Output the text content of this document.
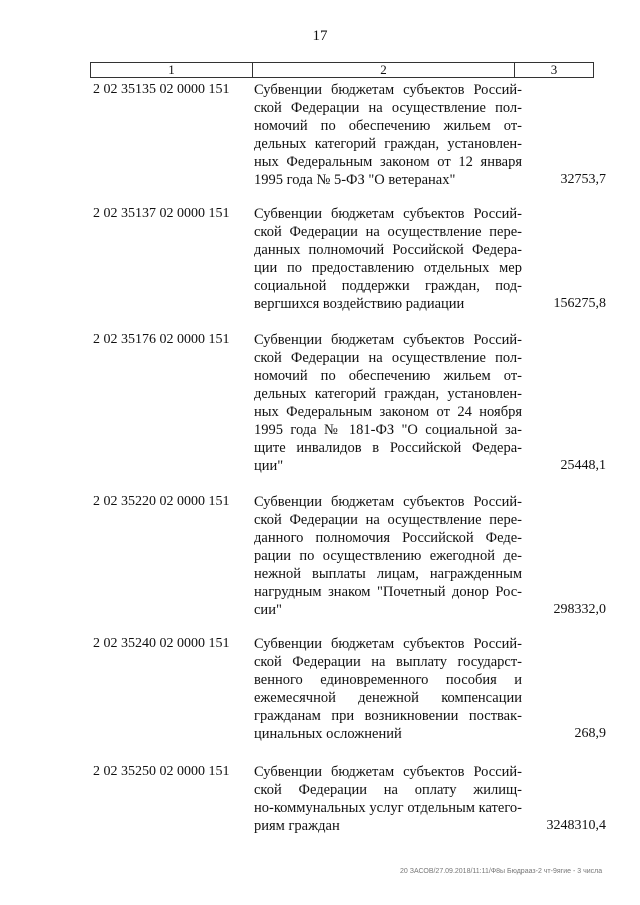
17
1	2	3
2 02 35135 02 0000 151 Субвенции бюджетам субъектов Россий-
ской Федерации на осуществление пол-
номочий по обеспечению жильем от-
дельных категорий граждан, установлен-
ных Федеральным законом от 12 января
1995 года № 5-ФЗ "О ветеранах"	32753,7
2 02 35137 02 0000 151 Субвенции бюджетам субъектов Россий-
ской Федерации на осуществление пере-
данных полномочий Российской Федера-
ции по предоставлению отдельных мер
социальной поддержки граждан, под-
вергшихся воздействию радиации	156275,8
2 02 35176 02 0000 151 Субвенции бюджетам субъектов Россий-
ской Федерации на осуществление пол-
номочий по обеспечению жильем от-
дельных категорий граждан, установлен-
ных Федеральным законом от 24 ноября
1995 года № 181-ФЗ "О социальной за-
щите инвалидов в Российской Федера-
ции"	25448,1
2 02 35220 02 0000 151 Субвенции бюджетам субъектов Россий-
ской Федерации на осуществление пере-
данного полномочия Российской Феде-
рации по осуществлению ежегодной де-
нежной выплаты лицам, награжденным
нагрудным знаком "Почетный донор Рос-
сии"	298332,0
2 02 35240 02 0000 151 Субвенции бюджетам субъектов Россий-
ской Федерации на выплату государст-
венного единовременного пособия и
ежемесячной денежной компенсации
гражданам при возникновении поствак-
цинальных осложнений	268,9
2 02 35250 02 0000 151 Субвенции бюджетам субъектов Россий-
ской Федерации на оплату жилищ-
но-коммунальных услуг отдельным катего-
риям граждан	3248310,4
20 ЗАСОВ/27.09.2018/11:11/Ф8ы Бюдрааз-2 чт-9ягие - 3 числа
